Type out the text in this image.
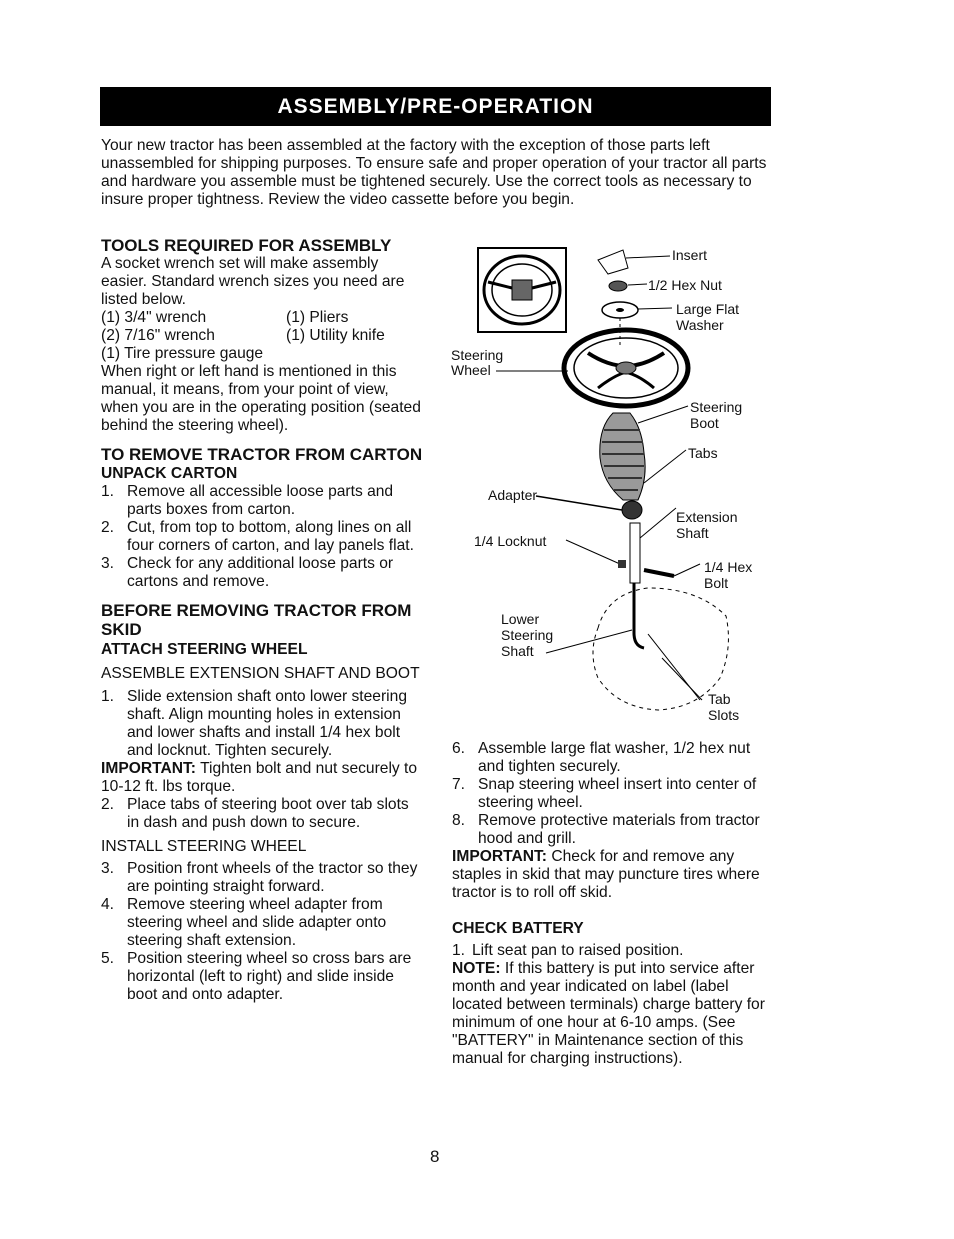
ASSEMBLY/PRE-OPERATION

Your new tractor has been assembled at the factory with the exception of those parts left unassembled for shipping purposes. To ensure safe and proper operation of your tractor all parts and hardware you assemble must be tightened securely. Use the correct tools as necessary to insure proper tightness. Review the video cassette before you begin.

TOOLS REQUIRED FOR ASSEMBLY

A socket wrench set will make assembly easier. Standard wrench sizes you need are listed below.

(1) 3/4" wrench	(1) Pliers
(2) 7/16" wrench	(1) Utility knife

(1) Tire pressure gauge

When right or left hand is mentioned in this manual, it means, from your point of view, when you are in the operating position (seated behind the steering wheel).

TO REMOVE TRACTOR FROM CARTON

UNPACK CARTON

1. Remove all accessible loose parts and parts boxes from carton.
2. Cut, from top to bottom, along lines on all four corners of carton, and lay panels flat.
3. Check for any additional loose parts or cartons and remove.

BEFORE REMOVING TRACTOR FROM SKID

ATTACH STEERING WHEEL

ASSEMBLE EXTENSION SHAFT AND BOOT

1. Slide extension shaft onto lower steering shaft. Align mounting holes in extension and lower shafts and install 1/4 hex bolt and locknut. Tighten securely.

IMPORTANT: Tighten bolt and nut securely to 10-12 ft. lbs torque.

2. Place tabs of steering boot over tab slots in dash and push down to secure.

INSTALL STEERING WHEEL

3. Position front wheels of the tractor so they are pointing straight forward.
4. Remove steering wheel adapter from steering wheel and slide adapter onto steering shaft extension.
5. Position steering wheel so cross bars are horizontal (left to right) and slide inside boot and onto adapter.
Insert
1/2 Hex Nut
Large Flat
Washer
Steering
Wheel
Steering
Boot
Tabs
Adapter
Extension
Shaft
1/4 Locknut
1/4 Hex
Bolt
Lower
Steering
Shaft
Tab
Slots
6. Assemble large flat washer, 1/2 hex nut and tighten securely.
7. Snap steering wheel insert into center of steering wheel.
8. Remove protective materials from tractor hood and grill.

IMPORTANT: Check for and remove any staples in skid that may puncture tires where tractor is to roll off skid.

CHECK BATTERY

1. Lift seat pan to raised position.

NOTE: If this battery is put into service after month and year indicated on label (label located between terminals) charge battery for minimum of one hour at 6-10 amps. (See "BATTERY" in Maintenance section of this manual for charging instructions).

8
